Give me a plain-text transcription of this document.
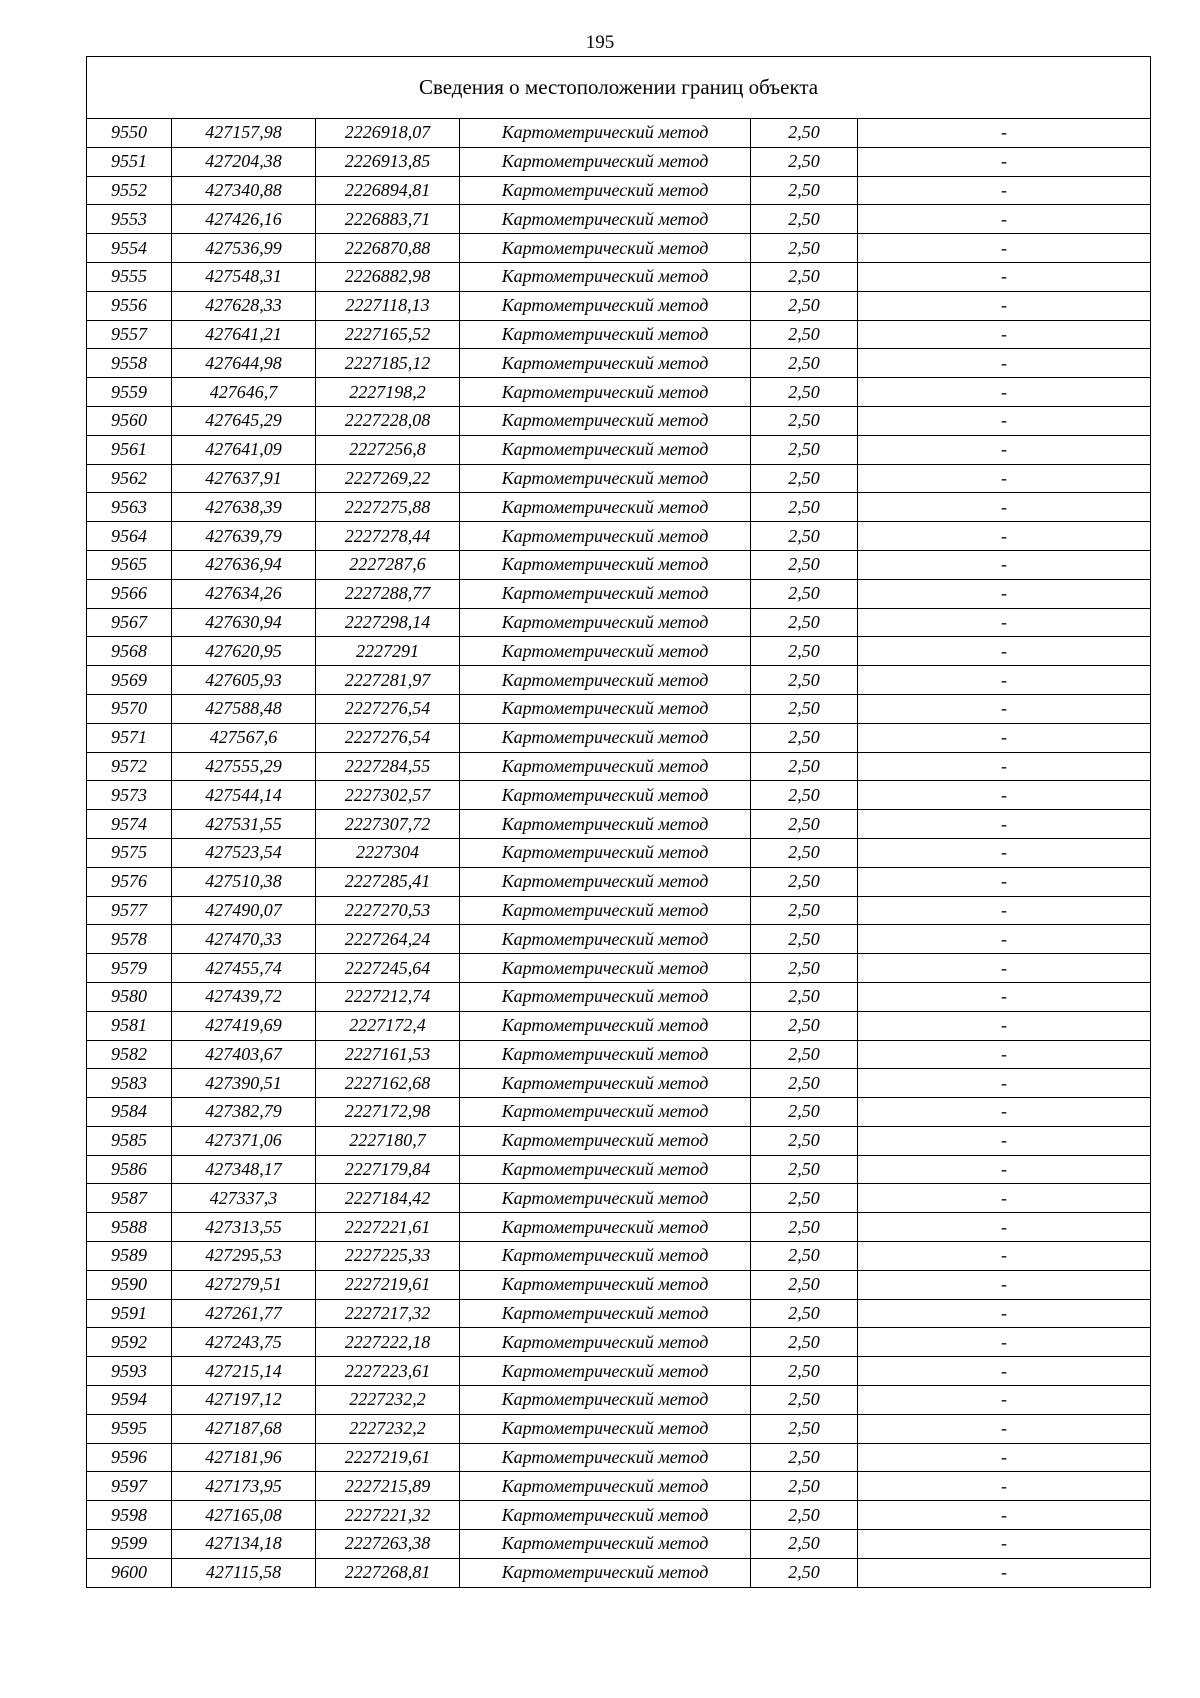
195
Сведения о местоположении границ объекта					
9550	427157,98	2226918,07	Картометрический метод	2,50	-
9551	427204,38	2226913,85	Картометрический метод	2,50	-
9552	427340,88	2226894,81	Картометрический метод	2,50	-
9553	427426,16	2226883,71	Картометрический метод	2,50	-
9554	427536,99	2226870,88	Картометрический метод	2,50	-
9555	427548,31	2226882,98	Картометрический метод	2,50	-
9556	427628,33	2227118,13	Картометрический метод	2,50	-
9557	427641,21	2227165,52	Картометрический метод	2,50	-
9558	427644,98	2227185,12	Картометрический метод	2,50	-
9559	427646,7	2227198,2	Картометрический метод	2,50	-
9560	427645,29	2227228,08	Картометрический метод	2,50	-
9561	427641,09	2227256,8	Картометрический метод	2,50	-
9562	427637,91	2227269,22	Картометрический метод	2,50	-
9563	427638,39	2227275,88	Картометрический метод	2,50	-
9564	427639,79	2227278,44	Картометрический метод	2,50	-
9565	427636,94	2227287,6	Картометрический метод	2,50	-
9566	427634,26	2227288,77	Картометрический метод	2,50	-
9567	427630,94	2227298,14	Картометрический метод	2,50	-
9568	427620,95	2227291	Картометрический метод	2,50	-
9569	427605,93	2227281,97	Картометрический метод	2,50	-
9570	427588,48	2227276,54	Картометрический метод	2,50	-
9571	427567,6	2227276,54	Картометрический метод	2,50	-
9572	427555,29	2227284,55	Картометрический метод	2,50	-
9573	427544,14	2227302,57	Картометрический метод	2,50	-
9574	427531,55	2227307,72	Картометрический метод	2,50	-
9575	427523,54	2227304	Картометрический метод	2,50	-
9576	427510,38	2227285,41	Картометрический метод	2,50	-
9577	427490,07	2227270,53	Картометрический метод	2,50	-
9578	427470,33	2227264,24	Картометрический метод	2,50	-
9579	427455,74	2227245,64	Картометрический метод	2,50	-
9580	427439,72	2227212,74	Картометрический метод	2,50	-
9581	427419,69	2227172,4	Картометрический метод	2,50	-
9582	427403,67	2227161,53	Картометрический метод	2,50	-
9583	427390,51	2227162,68	Картометрический метод	2,50	-
9584	427382,79	2227172,98	Картометрический метод	2,50	-
9585	427371,06	2227180,7	Картометрический метод	2,50	-
9586	427348,17	2227179,84	Картометрический метод	2,50	-
9587	427337,3	2227184,42	Картометрический метод	2,50	-
9588	427313,55	2227221,61	Картометрический метод	2,50	-
9589	427295,53	2227225,33	Картометрический метод	2,50	-
9590	427279,51	2227219,61	Картометрический метод	2,50	-
9591	427261,77	2227217,32	Картометрический метод	2,50	-
9592	427243,75	2227222,18	Картометрический метод	2,50	-
9593	427215,14	2227223,61	Картометрический метод	2,50	-
9594	427197,12	2227232,2	Картометрический метод	2,50	-
9595	427187,68	2227232,2	Картометрический метод	2,50	-
9596	427181,96	2227219,61	Картометрический метод	2,50	-
9597	427173,95	2227215,89	Картометрический метод	2,50	-
9598	427165,08	2227221,32	Картометрический метод	2,50	-
9599	427134,18	2227263,38	Картометрический метод	2,50	-
9600	427115,58	2227268,81	Картометрический метод	2,50	-
